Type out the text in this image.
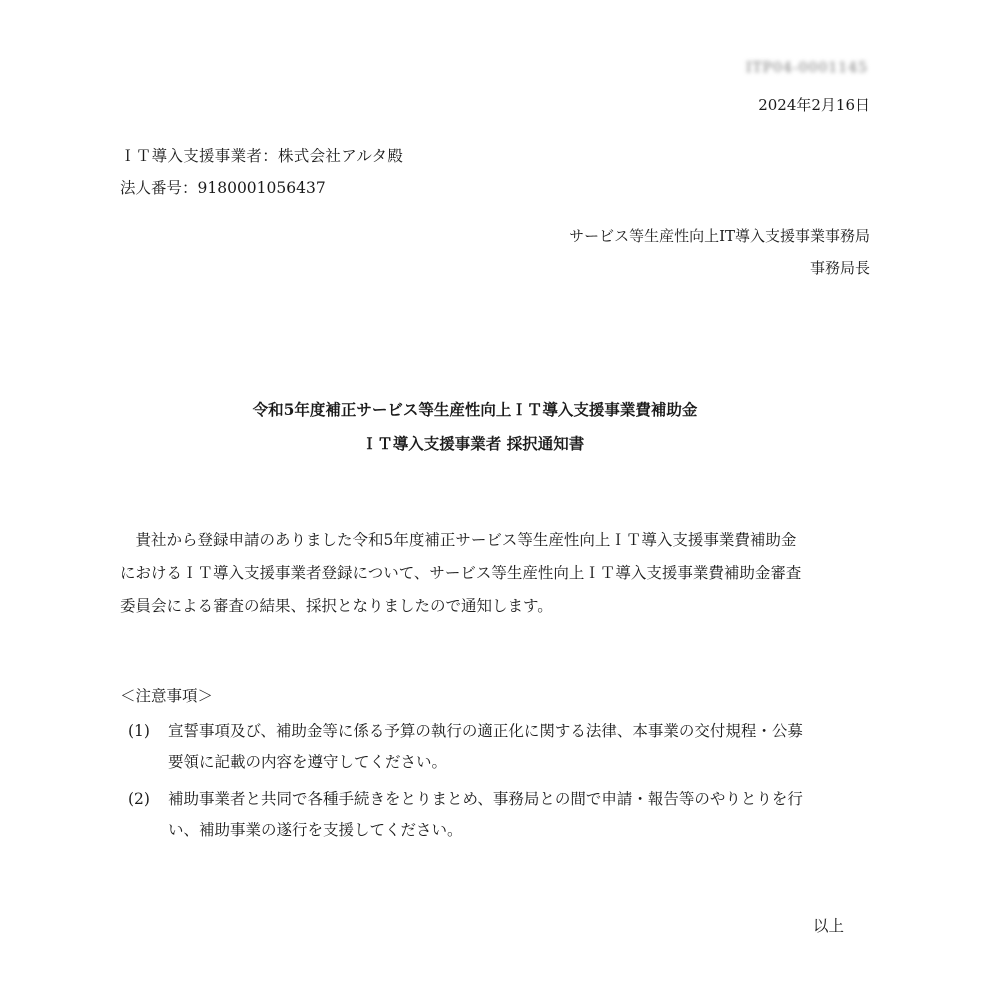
ITP04-0001145
2024年2月16日
ＩＴ導入支援事業者：株式会社アルタ殿
法人番号：9180001056437
サービス等生産性向上IT導入支援事業事務局
事務局長
令和5年度補正サービス等生産性向上ＩＴ導入支援事業費補助金
ＩＴ導入支援事業者 採択通知書
　貴社から登録申請のありました令和5年度補正サービス等生産性向上ＩＴ導入支援事業費補助金
におけるＩＴ導入支援事業者登録について、サービス等生産性向上ＩＴ導入支援事業費補助金審査
委員会による審査の結果、採択となりましたので通知します。
＜注意事項＞
(1) 宣誓事項及び、補助金等に係る予算の執行の適正化に関する法律、本事業の交付規程・公募
要領に記載の内容を遵守してください。
(2) 補助事業者と共同で各種手続きをとりまとめ、事務局との間で申請・報告等のやりとりを行
い、補助事業の遂行を支援してください。
以上
